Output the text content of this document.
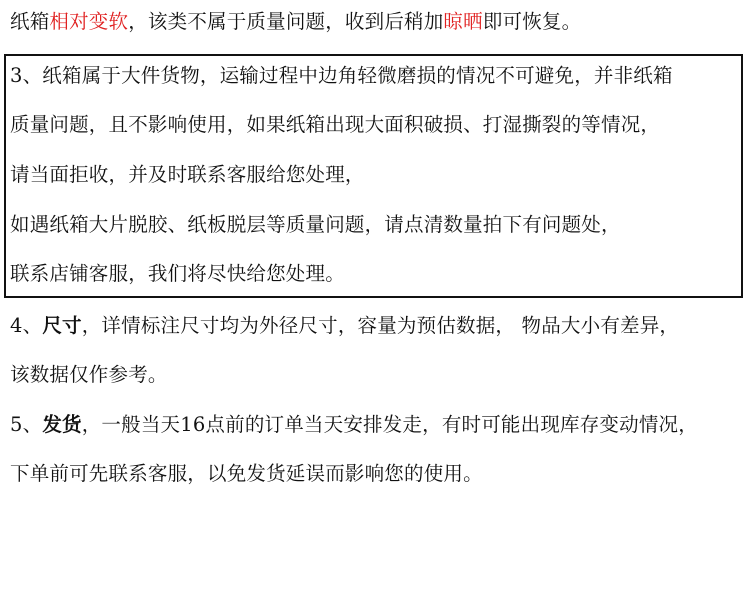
纸箱相对变软，该类不属于质量问题，收到后稍加晾晒即可恢复。
3、纸箱属于大件货物，运输过程中边角轻微磨损的情况不可避免，并非纸箱
质量问题，且不影响使用，如果纸箱出现大面积破损、打湿撕裂的等情况，
请当面拒收，并及时联系客服给您处理，
如遇纸箱大片脱胶、纸板脱层等质量问题，请点清数量拍下有问题处，
联系店铺客服，我们将尽快给您处理。
4、尺寸，详情标注尺寸均为外径尺寸，容量为预估数据， 物品大小有差异，
该数据仅作参考。
5、发货，一般当天16点前的订单当天安排发走，有时可能出现库存变动情况，
下单前可先联系客服，以免发货延误而影响您的使用。
